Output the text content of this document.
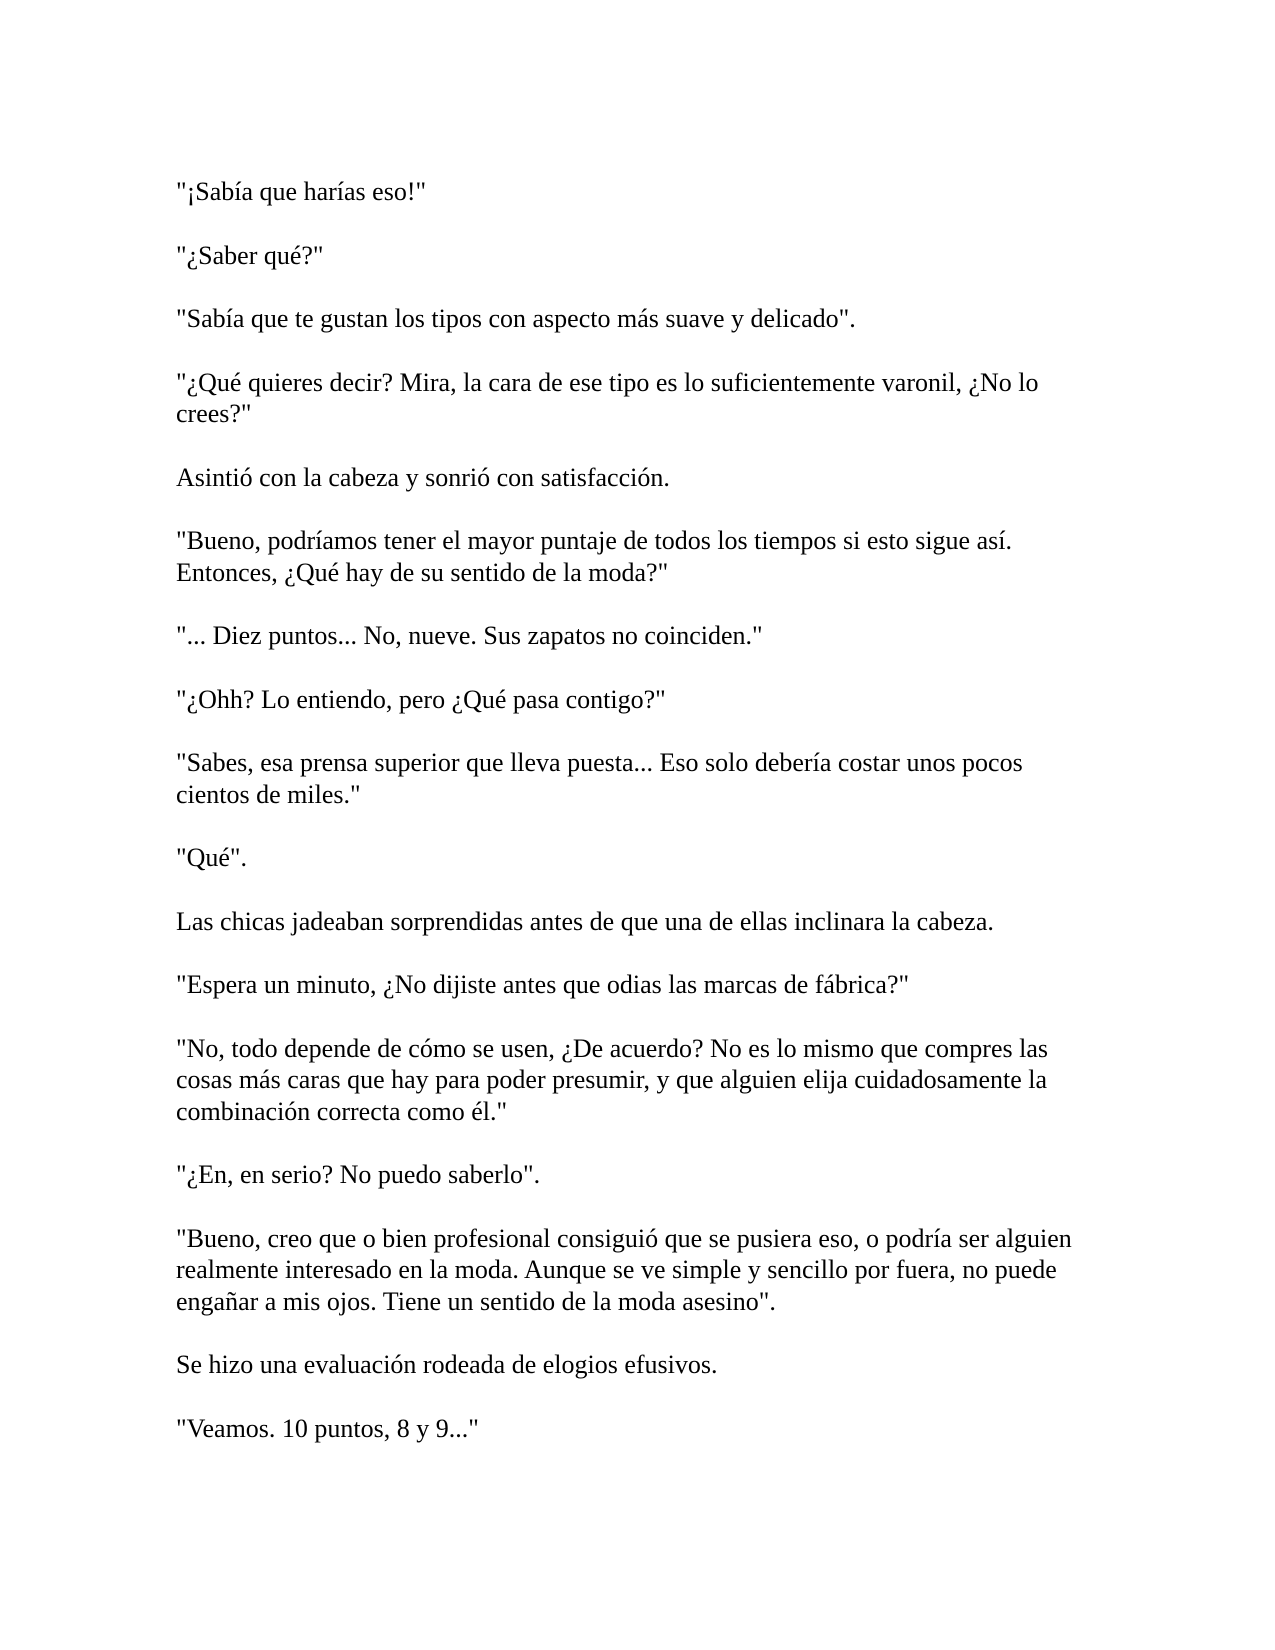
"¡Sabía que harías eso!"

"¿Saber qué?"

"Sabía que te gustan los tipos con aspecto más suave y delicado".

"¿Qué quieres decir? Mira, la cara de ese tipo es lo suficientemente varonil, ¿No lo crees?"

Asintió con la cabeza y sonrió con satisfacción.

"Bueno, podríamos tener el mayor puntaje de todos los tiempos si esto sigue así. Entonces, ¿Qué hay de su sentido de la moda?"

"... Diez puntos... No, nueve. Sus zapatos no coinciden."

"¿Ohh? Lo entiendo, pero ¿Qué pasa contigo?"

"Sabes, esa prensa superior que lleva puesta... Eso solo debería costar unos pocos cientos de miles."

"Qué".

Las chicas jadeaban sorprendidas antes de que una de ellas inclinara la cabeza.

"Espera un minuto, ¿No dijiste antes que odias las marcas de fábrica?"

"No, todo depende de cómo se usen, ¿De acuerdo? No es lo mismo que compres las cosas más caras que hay para poder presumir, y que alguien elija cuidadosamente la combinación correcta como él."

"¿En, en serio? No puedo saberlo".

"Bueno, creo que o bien profesional consiguió que se pusiera eso, o podría ser alguien realmente interesado en la moda. Aunque se ve simple y sencillo por fuera, no puede engañar a mis ojos. Tiene un sentido de la moda asesino".

Se hizo una evaluación rodeada de elogios efusivos.

"Veamos. 10 puntos, 8 y 9..."
